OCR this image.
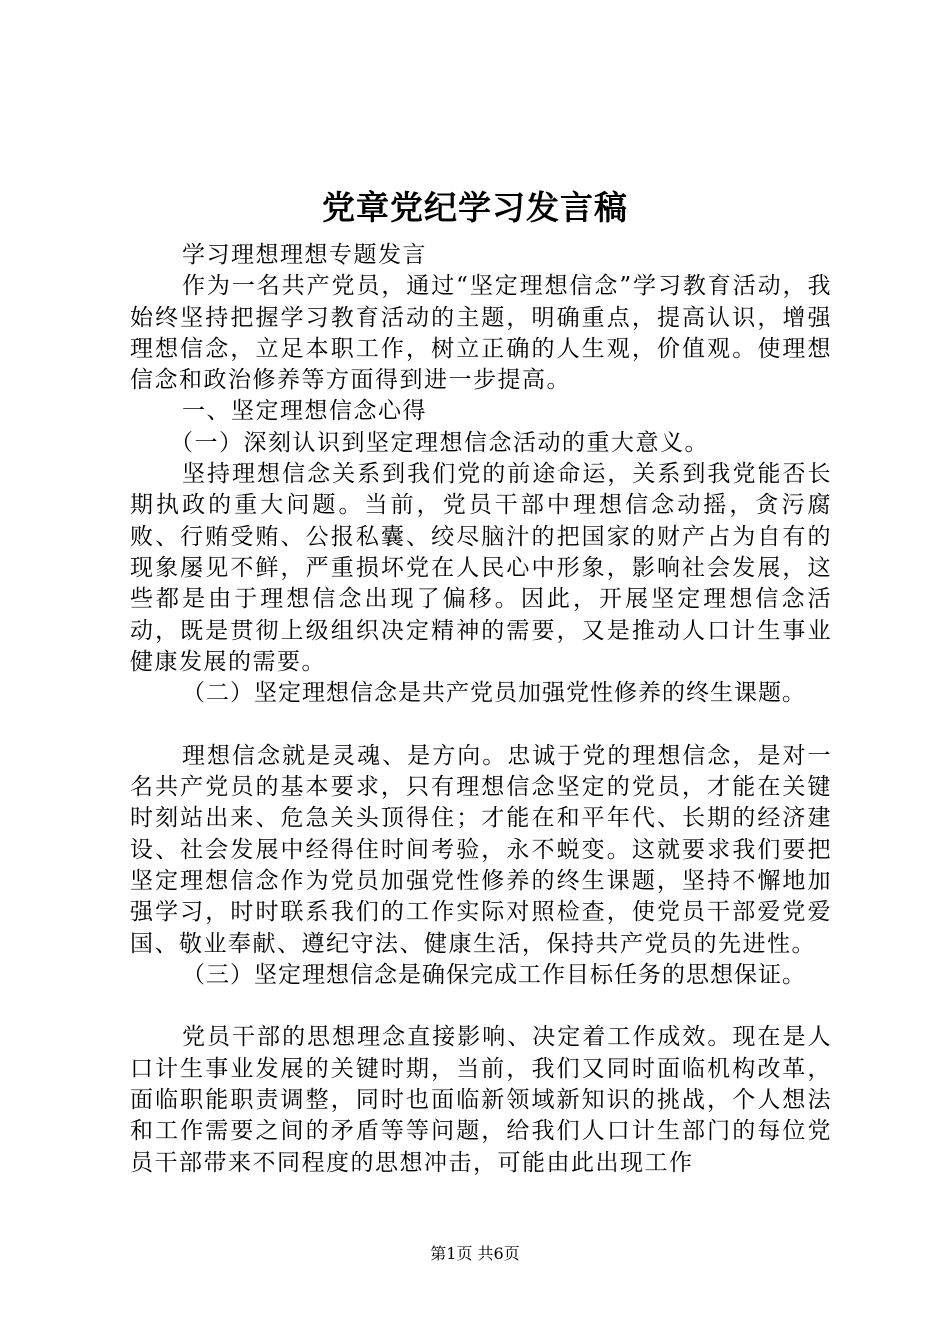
党章党纪学习发言稿

学习理想理想专题发言

作为一名共产党员，通过“坚定理想信念”学习教育活动，我始终坚持把握学习教育活动的主题，明确重点，提高认识，增强理想信念，立足本职工作，树立正确的人生观，价值观。使理想信念和政治修养等方面得到进一步提高。

一、坚定理想信念心得

（一）深刻认识到坚定理想信念活动的重大意义。

坚持理想信念关系到我们党的前途命运，关系到我党能否长期执政的重大问题。当前，党员干部中理想信念动摇，贪污腐败、行贿受贿、公报私囊、绞尽脑汁的把国家的财产占为自有的现象屡见不鲜，严重损坏党在人民心中形象，影响社会发展，这些都是由于理想信念出现了偏移。因此，开展坚定理想信念活动，既是贯彻上级组织决定精神的需要，又是推动人口计生事业健康发展的需要。

（二）坚定理想信念是共产党员加强党性修养的终生课题。

理想信念就是灵魂、是方向。忠诚于党的理想信念，是对一名共产党员的基本要求，只有理想信念坚定的党员，才能在关键时刻站出来、危急关头顶得住；才能在和平年代、长期的经济建设、社会发展中经得住时间考验，永不蜕变。这就要求我们要把坚定理想信念作为党员加强党性修养的终生课题，坚持不懈地加强学习，时时联系我们的工作实际对照检查，使党员干部爱党爱国、敬业奉献、遵纪守法、健康生活，保持共产党员的先进性。

（三）坚定理想信念是确保完成工作目标任务的思想保证。

党员干部的思想理念直接影响、决定着工作成效。现在是人口计生事业发展的关键时期，当前，我们又同时面临机构改革，面临职能职责调整，同时也面临新领域新知识的挑战，个人想法和工作需要之间的矛盾等等问题，给我们人口计生部门的每位党员干部带来不同程度的思想冲击，可能由此出现工作

第1页 共6页
